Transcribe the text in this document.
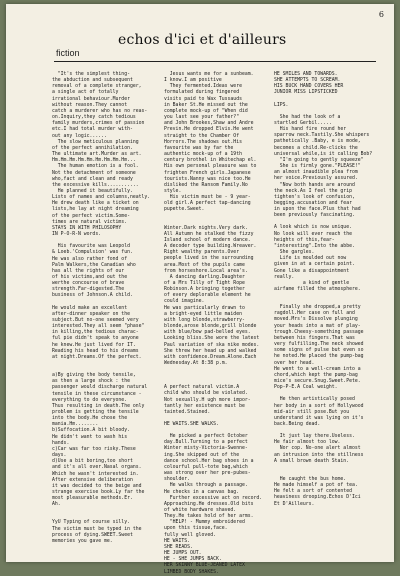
6
fiction
echos d'ici et d'ailleurs
"It's the simplest thing-
the abduction and subsequent
removal of a complete stranger,
a single act of totally
irrational behaviour.Murder
without reason.They cannot
catch a murderer who has no reas-
on.Inquiry,they catch tedious
family murders,crimes of passion
etc.I had total murder with-
out any logic......
The slow meticulous planning
of the perfect annihilation.
The ultimate art.Murder as art.
Hm.Hm.Hm.Hm.Hm.Hm.Hm.Hm.Hm...
The human emotion is a fool.
Not the detachment of someone
who,fact and clean and ready
the excessive kills...........
He planned it beautifully.
Lists of names and columns,neatly.
He drew death like a ticket on
lists,he lay at night dreaming
of the perfect victim.Some-
times are natural victims.
STAYS IN WITH PHILOSOPHY
IN P-O-R-N words.

His favourite was Leopold
& Loeb.'Compulsion' was fun.
He was also rather fond of
Palm Walkers,the Canadian who
has all the rights of our
of his victims,and out the
werthe concourse of brave
strength.Far-digested.The
business of Johnson.A child.

He would make an excellent
after-dinner speaker on the
subject.But no-one seemed very
interested.They all seem "phase"
in killing,the tedious charac-
ful pie didn't speak to anyone
he knew.He just lived for IT.
Reading his head to his dreams
at night.Dreams.Of the perfect.

a)By giving the body tensile,
as then a large shock : the
passenger would discharge natural
tensile in these circumstance -
everything to do everyone.
Thus resulting in death.The only
problem is getting the tensile
into the body.He chose the
mania.Hm........
b)Suffocation.A bit bloody.
He didn't want to wash his
hands.
c)Car was far too risky.These
days.
d)Use a bit boring,too short
and it's all over.Nasal organs.
Which he wasn't interested in.
After extensive deliberation
it was decided to the beige and
strange exercise book.Ly far the
most pleasurable methods.Er.
Ah.

YyU Typing of course silly.
The victim must be typed in the
process of dying.SWEET.Sweet
memories you gave me.
Jesus wants me for a sunbeam.
I know.I am positive
They fermented.Ideas were
formulated during fingered
visits paid to Wax Tussauds
in Baker St.He missed out the
complete mock-up of "When did
you last see your father?"
and John Brookes,Shaw and Andre
Previn.He dropped Elvis.He went
straight to the Chamber Of
Horrors.The shadows out.His
favourite was by far the
authentic mock-up of a 19th
century brothel in Whitechap el.
His own personal pleasure was to
frighten French girls.Japanese
tourists.Nanny was nice too.He
disliked the Ransom Family.No
style.
His victim must be - 9 year-
old girl.A perfect tap-dancing
pupette.Sweet.

Winter.Dark nights.Very dark.
All Autumn he stalked the fizzy
Island school of modern dance.
A decoder type building.Wreaver.
Right wealthy parents.Over
people lived in the surrounding
area.Most of the pupils came
from horseshore.Local area's.
A dancing darling.Daughter
of a Mrs Tilly of Tight Rope
Robinson.A bringing together
of every deplorable element he
could imagine.
He was particularly drawn to
a bright-eyed little maiden
with long blonde,strawberry-
blonde,arose blonde,grill blonde
with blue/bow pad-belled eyes.
Looking bliss.She wore the latest
Paul variation of ska nike modes.
She threw her head up and walked
with confidence.Dream.Alone.Each
Wednesday.At 8:38 p.m.

A perfect natural victim.A
child who should be violated.
Not sexually.H ugh more impor-
tantly her existence must be
tainted.Stained.

HE WAITS.SHE WALKS.

He picked a perfect October
day.Bull.Turning to a perfect
Winter misty-Victoria-Swenne-
ing.She skipped out of the
dance school.Her bag shoes in a
colourful pull-tote bag,which
was strong over her pre-pubes-
shoulder.
He walks through a passage.
He checks in a canvas bag.
Further excessive act on record.
Approaching.He dresses.Old bits
of white hardware shaved.
They.He takes hold of her arms.
"HELP! - Mummy embroidered
upon this tissue,face.
fully well gloved.
HE WAITS.
SHE READS.
HE JUMPS OUT.
HE - SHE JUMPS BACK.
HER SKINNY BLUE-JEANED LATEX
LIMBED BODY SHAKES.
HE SMILES AND TOWARDS.
SHE ATTEMPTS TO SCREAM.
HIS BUCK HAND COVERS HER
JUNIOR MISS LIPSTICKED

LIPS.

She had the look of a
startled Gerbil.....
His hand fire round her
sparrow neck.Tastily.She whispers
pathetically .Baby, e is mode,
becomes a child.Re-clicks the
universal while,is it calling Bob?
"I'm going to gently squeeze"
She is firmly gone."PLEASE!"
an almost inaudible plea from
her voice.Previously assured.
"Now both hands are around
the neck.As I feel the grip
tighten's look of confusion,
begging.accusation and fear
in upon the face.Plus that had
been previously fascinating.

A look which is now unique.
No look will ever reach the
heights of this,fear-
"interesting".Into the abbe.
She gargles.
Life is moulded out now
given in at a certain point.
Gone like a disappointment
really.
a kind of gentle
airfame filled the atmosphere.

Finally she dropped,a pretty
ragdoll.Her case on full and
moved.Mrs's Dissolve plunging
your heads into a mat of play-
trough.Cheesy-something passage
between his fingers.That was
very fulfilling.The neck showed
some signs of pulse but even so
he noted.He placed the pump-bag
over her head.
He went to a well-cream into a
chord,which kept the pump-bag
mice's secure.Snug.Sweet.Pete.
Pop-P-E.A Coal weight.

He then artistically posed
her body in a sort of Hollywood
mid-air still pose.But you
understand it was lying on it's
back.Being dead.

It just lay there.Useless.
He fair almost too low.
Nor cop. No-one alert almost
an intrusion into the stillness
A small brown death Stain.

He caught the bus home.
He made himself a pot of tea.
He felt a sort of contented
heaviness drooping.Echos D'Ici
Et D'Ailleurs.
